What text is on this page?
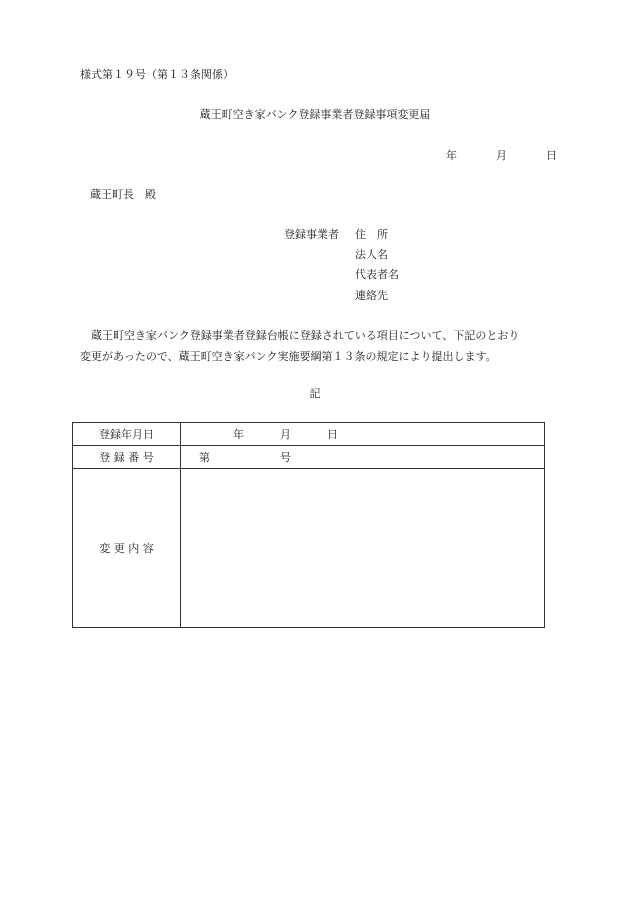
様式第１９号（第１３条関係）
蔵王町空き家バンク登録事業者登録事項変更届
年	月	日
蔵王町長　殿
登録事業者 住　所
法人名
代表者名
連絡先
蔵王町空き家バンク登録事業者登録台帳に登録されている項目について、下記のとおり
変更があったので、蔵王町空き家バンク実施要綱第１３条の規定により提出します。
記
登録年月日	年 月 日
登 録 番 号	第 号
変 更 内 容	
